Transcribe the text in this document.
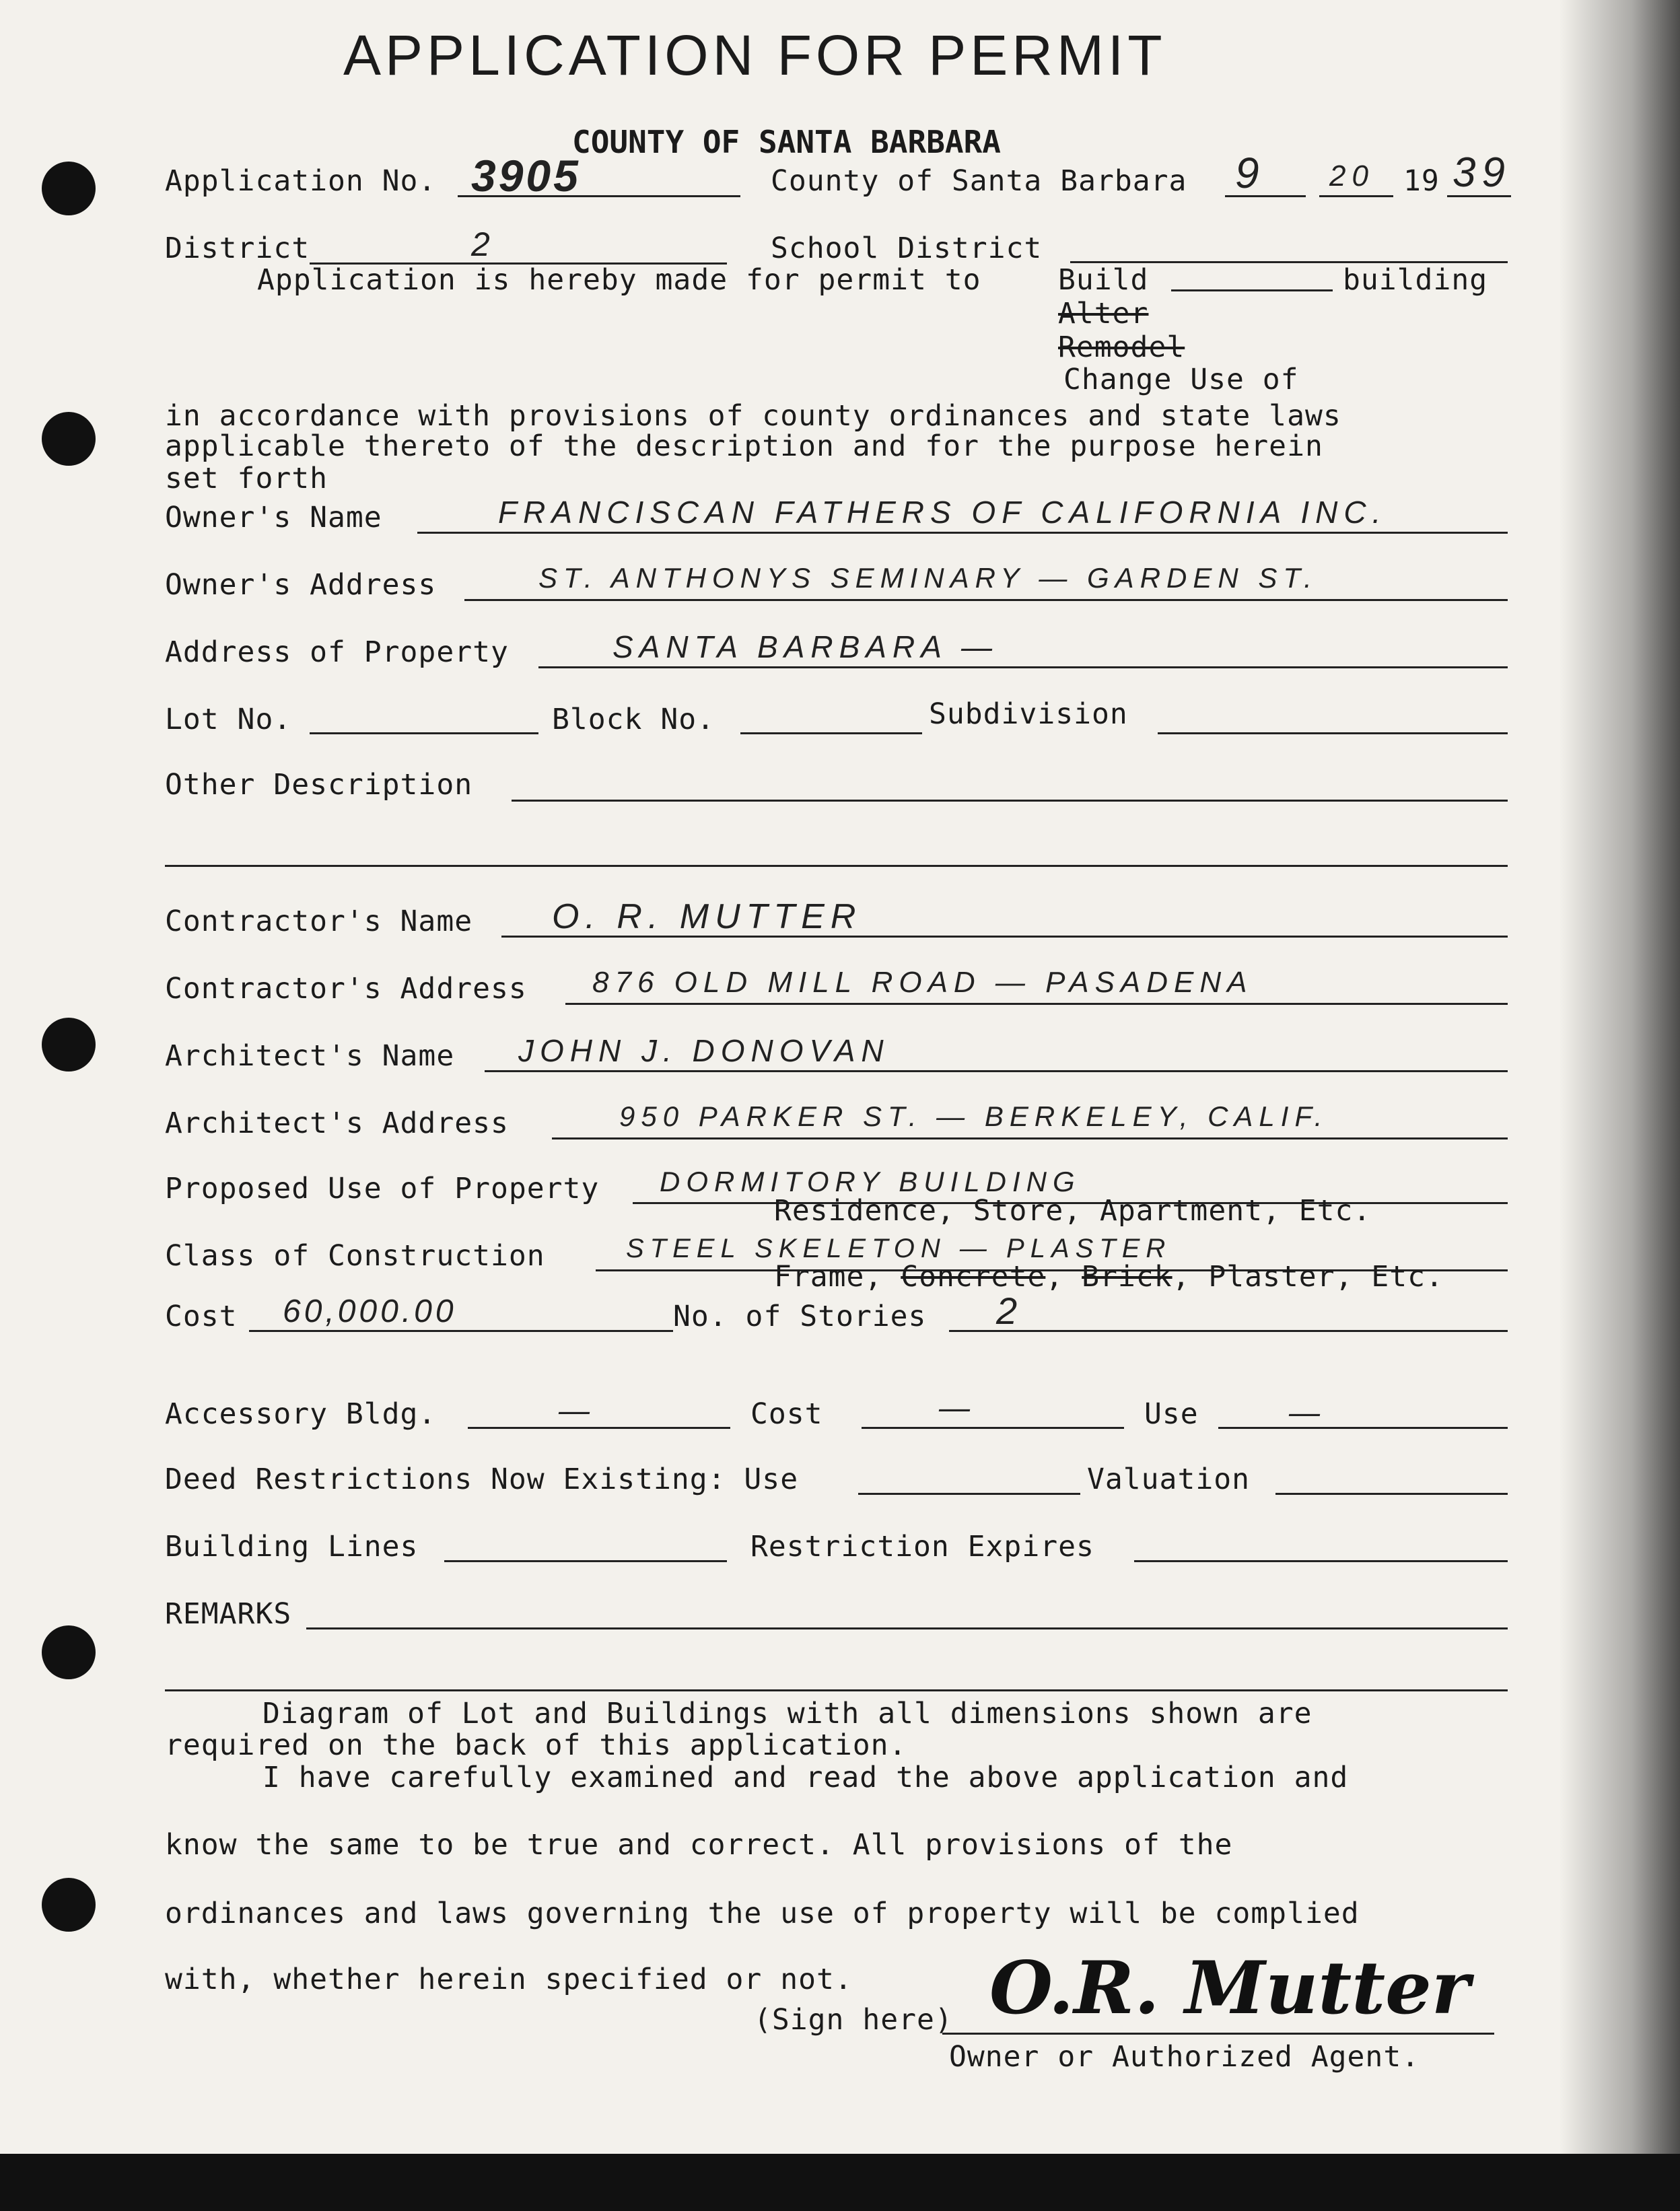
APPLICATION FOR PERMIT
COUNTY OF SANTA BARBARA
Application No. 3905	County of Santa Barbara 9 20 19 39
District	2	School District
Application is hereby made for permit to	Build	building
Alter
Remodel
Change Use of
in accordance with provisions of county ordinances and state laws
applicable thereto of the description and for the purpose herein
set forth
Owner's Name	FRANCISCAN FATHERS OF CALIFORNIA INC.
Owner's Address	ST. ANTHONYS SEMINARY — GARDEN ST.
Address of Property	SANTA BARBARA —
Lot No.	Block No.	Subdivision
Other Description
Contractor's Name O. R. MUTTER
Contractor's Address 876 OLD MILL ROAD — PASADENA
Architect's Name JOHN J. DONOVAN
Architect's Address	950 PARKER ST. — BERKELEY, CALIF.
Proposed Use of Property DORMITORY BUILDING
Residence, Store, Apartment, Etc.
Class of Construction	STEEL SKELETON — PLASTER
Frame, Concrete, Brick, Plaster, Etc.
Cost 60,000.00	No. of Stories 2
Accessory Bldg.	—	Cost	—	Use	—
Deed Restrictions Now Existing: Use	Valuation
Building Lines	Restriction Expires
REMARKS
Diagram of Lot and Buildings with all dimensions shown are
required on the back of this application.
I have carefully examined and read the above application and
know the same to be true and correct. All provisions of the
ordinances and laws governing the use of property will be complied
with, whether herein specified or not.
(Sign here) O.R. Mutter
Owner or Authorized Agent.
